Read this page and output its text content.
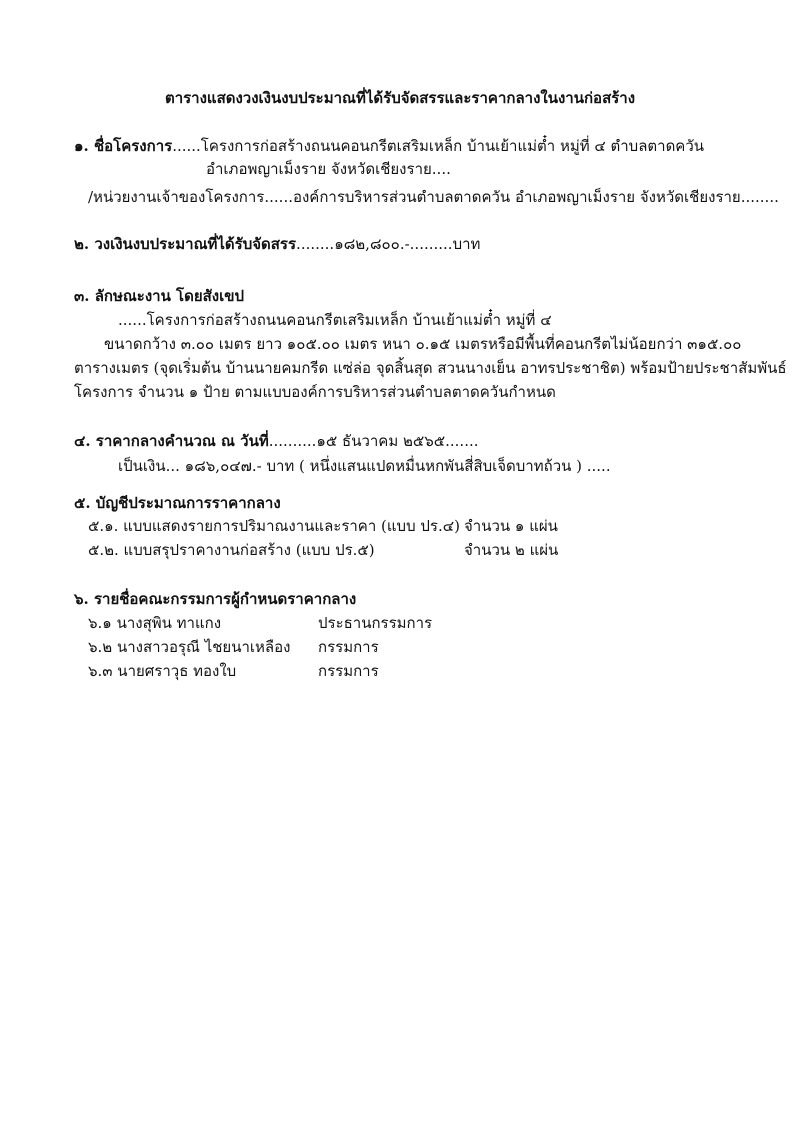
ตารางแสดงวงเงินงบประมาณที่ได้รับจัดสรรและราคากลางในงานก่อสร้าง
๑. ชื่อโครงการ......โครงการก่อสร้างถนนคอนกรีตเสริมเหล็ก บ้านเย้าแม่ต๋ำ หมู่ที่ ๔ ตำบลตาดควัน
อำเภอพญาเม็งราย จังหวัดเชียงราย....
/หน่วยงานเจ้าของโครงการ......องค์การบริหารส่วนตำบลตาดควัน อำเภอพญาเม็งราย จังหวัดเชียงราย........
๒. วงเงินงบประมาณที่ได้รับจัดสรร........๑๘๒,๘๐๐.-.........บาท
๓. ลักษณะงาน โดยสังเขป
......โครงการก่อสร้างถนนคอนกรีตเสริมเหล็ก บ้านเย้าแม่ต๋ำ หมู่ที่ ๔
ขนาดกว้าง ๓.๐๐ เมตร ยาว ๑๐๕.๐๐ เมตร หนา ๐.๑๕ เมตรหรือมีพื้นที่คอนกรีตไม่น้อยกว่า ๓๑๕.๐๐
ตารางเมตร (จุดเริ่มต้น บ้านนายคมกรีด แซ่ล่อ จุดสิ้นสุด สวนนางเย็น อาทรประชาชิต) พร้อมป้ายประชาสัมพันธ์
โครงการ จำนวน ๑ ป้าย ตามแบบองค์การบริหารส่วนตำบลตาดควันกำหนด
๔. ราคากลางคำนวณ ณ วันที่..........๑๕ ธันวาคม ๒๕๖๕.......
เป็นเงิน... ๑๘๖,๐๔๗.- บาท ( หนึ่งแสนแปดหมื่นหกพันสี่สิบเจ็ดบาทถ้วน ) .....
๕. บัญชีประมาณการราคากลาง
๕.๑. แบบแสดงรายการปริมาณงานและราคา (แบบ ปร.๔) จำนวน ๑ แผ่น
๕.๒. แบบสรุปราคางานก่อสร้าง (แบบ ปร.๕)	จำนวน ๒ แผ่น
๖. รายชื่อคณะกรรมการผู้กำหนดราคากลาง
๖.๑ นางสุพิน ทาแกง	ประธานกรรมการ
๖.๒ นางสาวอรุณี ไชยนาเหลือง กรรมการ
๖.๓ นายศราวุธ ทองใบ	กรรมการ
